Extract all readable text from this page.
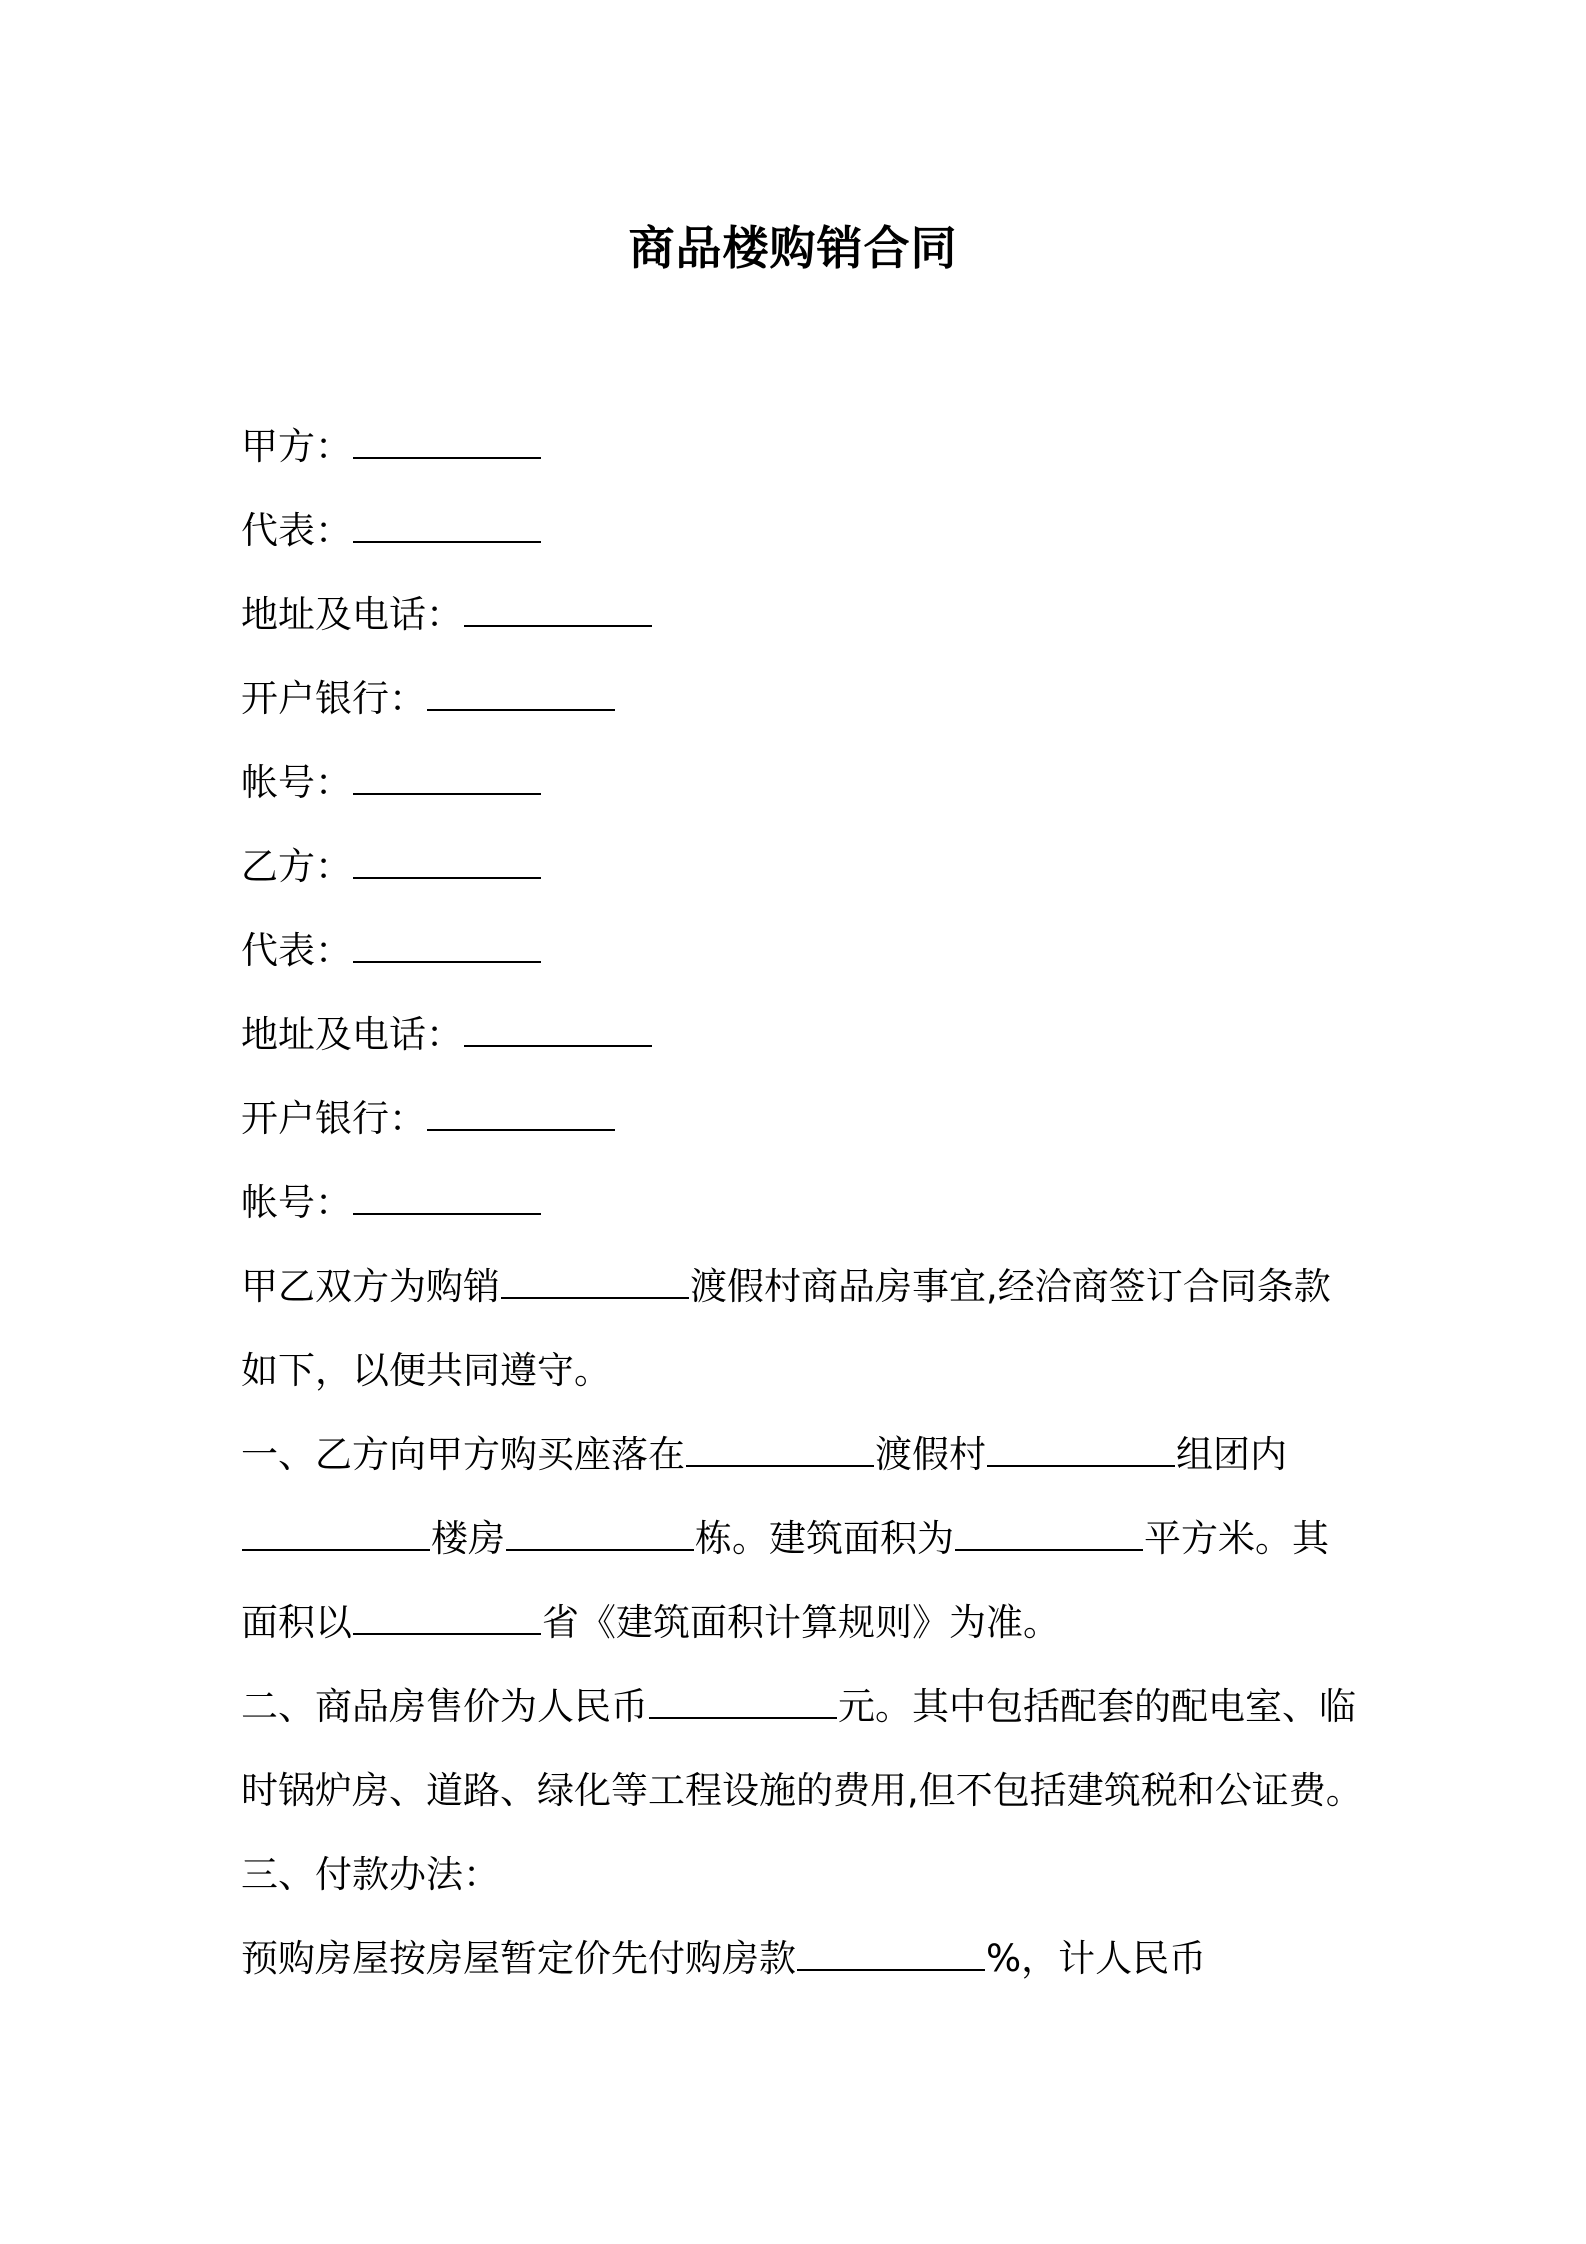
商品楼购销合同
甲方：
代表：
地址及电话：
开户银行：
帐号：
乙方：
代表：
地址及电话：
开户银行：
帐号：
甲乙双方为购销	渡假村商品房事宜,经洽商签订合同条款
如下，以便共同遵守。
一、乙方向甲方购买座落在	渡假村	组团内
楼房	栋。建筑面积为	平方米。其
面积以	省《建筑面积计算规则》为准。
二、商品房售价为人民币	元。其中包括配套的配电室、临
时锅炉房、道路、绿化等工程设施的费用,但不包括建筑税和公证费。
三、付款办法：
预购房屋按房屋暂定价先付购房款	%，计人民币
